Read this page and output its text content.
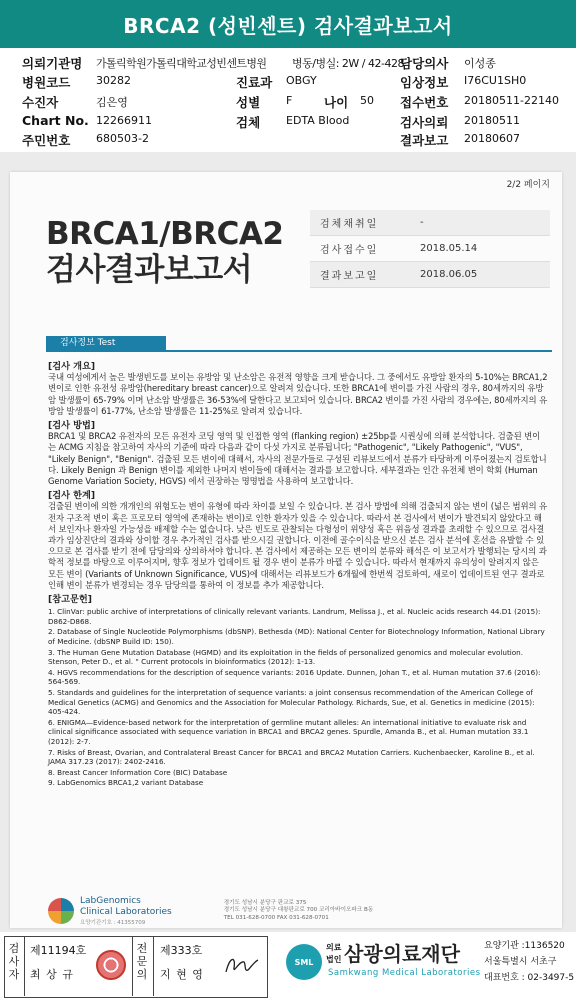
BRCA2 (성빈센트) 검사결과보고서
의뢰기관명 가톨릭학원가톨릭대학교성빈센트병원 병동/병실: 2W / 42-428
병원코드 30282
수진자	김은영
Chart No. 12266911
주민번호 680503-2
진료과 OBGY
성별 F	나이 50
검체 EDTA Blood
담당의사 이성종
임상정보 I76CU1SH0
접수번호 20180511-22140
검사의뢰 20180511
결과보고 20180607
2/2 페이지
BRCA1/BRCA2
검사결과보고서
검체채취일	-
검사접수일	2018.05.14
결과보고일	2018.06.05
검사정보 Test information
[검사 개요]

국내 여성에게서 높은 발생빈도를 보이는 유방암 및 난소암은 유전적 영향을 크게 받습니다. 그 중에서도 유방암 환자의 5-10%는 BRCA1,2 변이로 인한 유전성 유방암(hereditary breast cancer)으로 알려져 있습니다. 또한 BRCA1에 변이를 가진 사람의 경우, 80세까지의 유방암 발생률이 65-79% 이며 난소암 발생률은 36-53%에 달한다고 보고되어 있습니다. BRCA2 변이를 가진 사람의 경우에는, 80세까지의 유방암 발생률이 61-77%, 난소암 발생률은 11-25%로 알려져 있습니다.

[검사 방법]

BRCA1 및 BRCA2 유전자의 모든 유전자 코딩 영역 및 인접한 영역 (flanking region) ±25bp를 시퀀싱에 의해 분석합니다. 검출된 변이는 ACMG 지침을 참고하여 자사의 기준에 따라 다음과 같이 다섯 가지로 분류됩니다; "Pathogenic", "Likely Pathogenic", "VUS", "Likely Benign", "Benign". 검출된 모든 변이에 대해서, 자사의 전문가들로 구성된 리뷰보드에서 분류가 타당하게 이루어졌는지 검토합니다. Likely Benign 과 Benign 변이를 제외한 나머지 변이들에 대해서는 결과를 보고합니다. 세부결과는 인간 유전체 변이 학회 (Human Genome Variation Society, HGVS) 에서 권장하는 명명법을 사용하여 보고합니다.

[검사 한계]

검출된 변이에 의한 개개인의 위험도는 변이 유형에 따라 차이를 보일 수 있습니다. 본 검사 방법에 의해 검출되지 않는 변이 (넓은 범위의 유전자 구조적 변이 혹은 프로모터 영역에 존재하는 변이)로 인한 환자가 있을 수 있습니다. 따라서 본 검사에서 변이가 발견되지 않았다고 해서 보인자나 환자일 가능성을 배제할 수는 없습니다. 낮은 빈도로 관찰되는 다형성이 위양성 혹은 위음성 결과를 초래할 수 있으므로 검사결과가 임상진단의 결과와 상이할 경우 추가적인 검사를 받으시길 권합니다. 이전에 골수이식을 받으신 분은 검사 분석에 혼선을 유발할 수 있으므로 본 검사를 받기 전에 담당의와 상의하셔야 합니다. 본 검사에서 제공하는 모든 변이의 분류와 해석은 이 보고서가 발행되는 당시의 과학적 정보를 바탕으로 이루어지며, 향후 정보가 업데이트 될 경우 변이 분류가 바뀔 수 있습니다. 따라서 현재까지 유의성이 알려지지 않은 모든 변이 (Variants of Unknown Significance, VUS)에 대해서는 리뷰보드가 6개월에 한번씩 검토하여, 새로이 업데이트된 연구 결과로 인해 변이 분류가 변경되는 경우 담당의를 통하여 이 정보를 추가 제공합니다.

[참고문헌]
1. ClinVar: public archive of interpretations of clinically relevant variants. Landrum, Melissa J., et al. Nucleic acids research 44.D1 (2015): D862-D868.
2. Database of Single Nucleotide Polymorphisms (dbSNP). Bethesda (MD): National Center for Biotechnology Information, National Library of Medicine. (dbSNP Build ID: 150).
3. The Human Gene Mutation Database (HGMD) and its exploitation in the fields of personalized genomics and molecular evolution. Stenson, Peter D., et al. " Current protocols in bioinformatics (2012): 1-13.
4. HGVS recommendations for the description of sequence variants: 2016 Update. Dunnen, Johan T., et al. Human mutation 37.6 (2016): 564-569.
5. Standards and guidelines for the interpretation of sequence variants: a joint consensus recommendation of the American College of Medical Genetics (ACMG) and Genomics and the Association for Molecular Pathology. Richards, Sue, et al. Genetics in medicine (2015): 405-424.
6. ENIGMA—Evidence-based network for the interpretation of germline mutant alleles: An international initiative to evaluate risk and clinical significance associated with sequence variation in BRCA1 and BRCA2 genes. Spurdle, Amanda B., et al. Human mutation 33.1 (2012): 2-7.
7. Risks of Breast, Ovarian, and Contralateral Breast Cancer for BRCA1 and BRCA2 Mutation Carriers. Kuchenbaecker, Karoline B., et al. JAMA 317.23 (2017): 2402-2416.
8. Breast Cancer Information Core (BIC) Database
9. LabGenomics BRCA1,2 variant Database
LabGenomics
Clinical Laboratories
요양기관기호 : 41355709
경기도 성남시 분당구 판교로 375
경기도 성남시 분당구 대왕판교로 700 코리아바이오파크 B동
TEL 031-628-0700 FAX 031-628-0701
검사자
제11194호
최 상 규
전문의
제333호
지 현 영
SML
의료
법인 삼광의료재단
Samkwang Medical Laboratories
요양기관 :1136520
서울특별시 서초구
대표번호 : 02-3497-5
